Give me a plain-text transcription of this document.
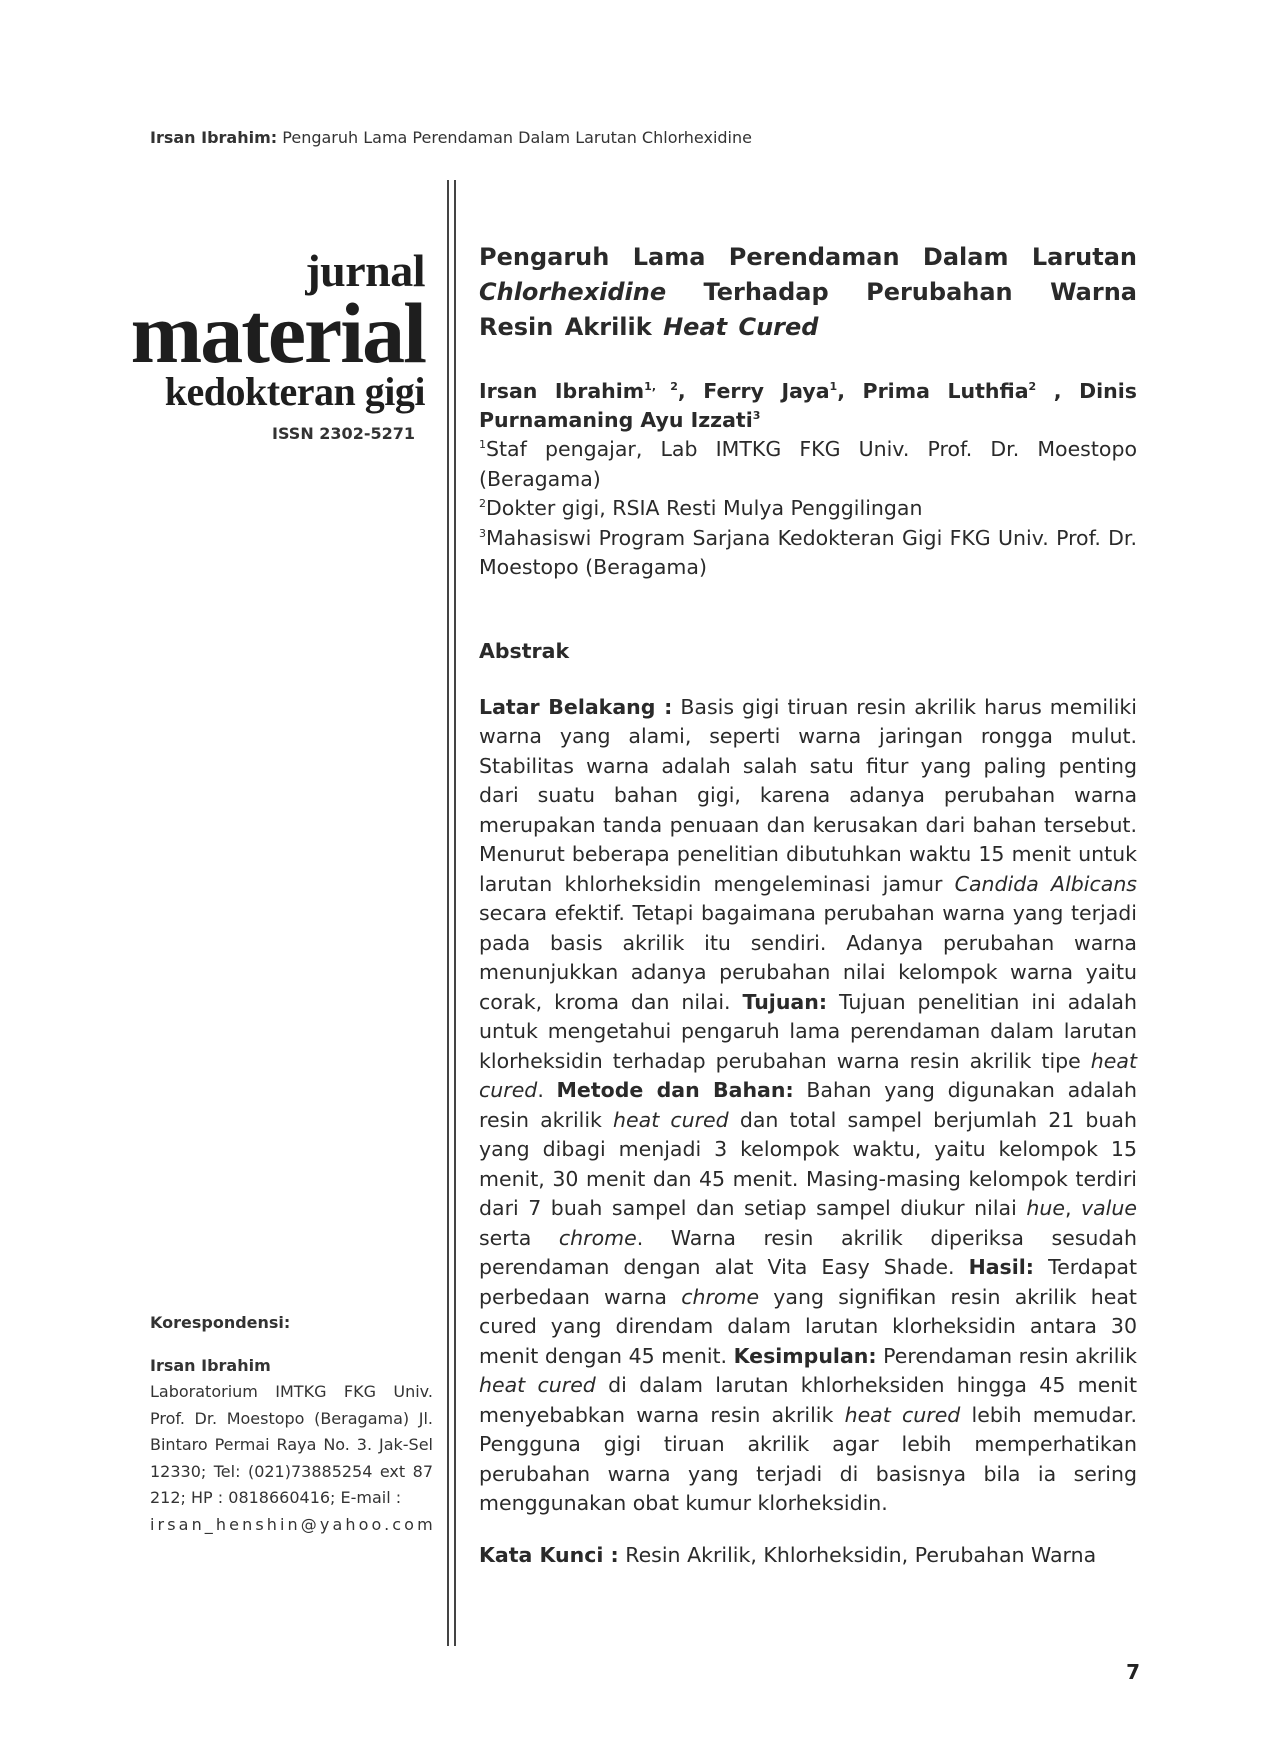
Irsan Ibrahim: Pengaruh Lama Perendaman Dalam Larutan Chlorhexidine
jurnal
material
kedokteran gigi
ISSN 2302-5271
Pengaruh Lama Perendaman Dalam Larutan Chlorhexidine Terhadap Perubahan Warna Resin Akrilik Heat Cured
Irsan Ibrahim$^{1, 2}$, Ferry Jaya$^1$, Prima Luthfia$^2$ , Dinis Purnamaning Ayu Izzati$^3$
$^1$Staf pengajar, Lab IMTKG FKG Univ. Prof. Dr. Moestopo (Beragama)
$^2$Dokter gigi, RSIA Resti Mulya Penggilingan
$^3$Mahasiswi Program Sarjana Kedokteran Gigi FKG Univ. Prof. Dr. Moestopo (Beragama)
Abstrak

Latar Belakang : Basis gigi tiruan resin akrilik harus memiliki warna yang alami, seperti warna jaringan rongga mulut. Stabilitas warna adalah salah satu fitur yang paling penting dari suatu bahan gigi, karena adanya perubahan warna merupakan tanda penuaan dan kerusakan dari bahan tersebut. Menurut beberapa penelitian dibutuhkan waktu 15 menit untuk larutan khlorheksidin mengeleminasi jamur Candida Albicans secara efektif. Tetapi bagaimana perubahan warna yang terjadi pada basis akrilik itu sendiri. Adanya perubahan warna menunjukkan adanya perubahan nilai kelompok warna yaitu corak, kroma dan nilai. Tujuan: Tujuan penelitian ini adalah untuk mengetahui pengaruh lama perendaman dalam larutan klorheksidin terhadap perubahan warna resin akrilik tipe heat cured. Metode dan Bahan: Bahan yang digunakan adalah resin akrilik heat cured dan total sampel berjumlah 21 buah yang dibagi menjadi 3 kelompok waktu, yaitu kelompok 15 menit, 30 menit dan 45 menit. Masing-masing kelompok terdiri dari 7 buah sampel dan setiap sampel diukur nilai hue, value serta chrome. Warna resin akrilik diperiksa sesudah perendaman dengan alat Vita Easy Shade. Hasil: Terdapat perbedaan warna chrome yang signifikan resin akrilik heat cured yang direndam dalam larutan klorheksidin antara 30 menit dengan 45 menit. Kesimpulan: Perendaman resin akrilik heat cured di dalam larutan khlorheksiden hingga 45 menit menyebabkan warna resin akrilik heat cured lebih memudar. Pengguna gigi tiruan akrilik agar lebih memperhatikan perubahan warna yang terjadi di basisnya bila ia sering menggunakan obat kumur klorheksidin.

Kata Kunci : Resin Akrilik, Khlorheksidin, Perubahan Warna
Korespondensi:
Irsan Ibrahim
Laboratorium IMTKG FKG Univ. Prof. Dr. Moestopo (Beragama) Jl. Bintaro Permai Raya No. 3. Jak-Sel 12330; Tel: (021)73885254 ext 87 212; HP : 0818660416; E-mail :
irsan_henshin@yahoo.com
7
